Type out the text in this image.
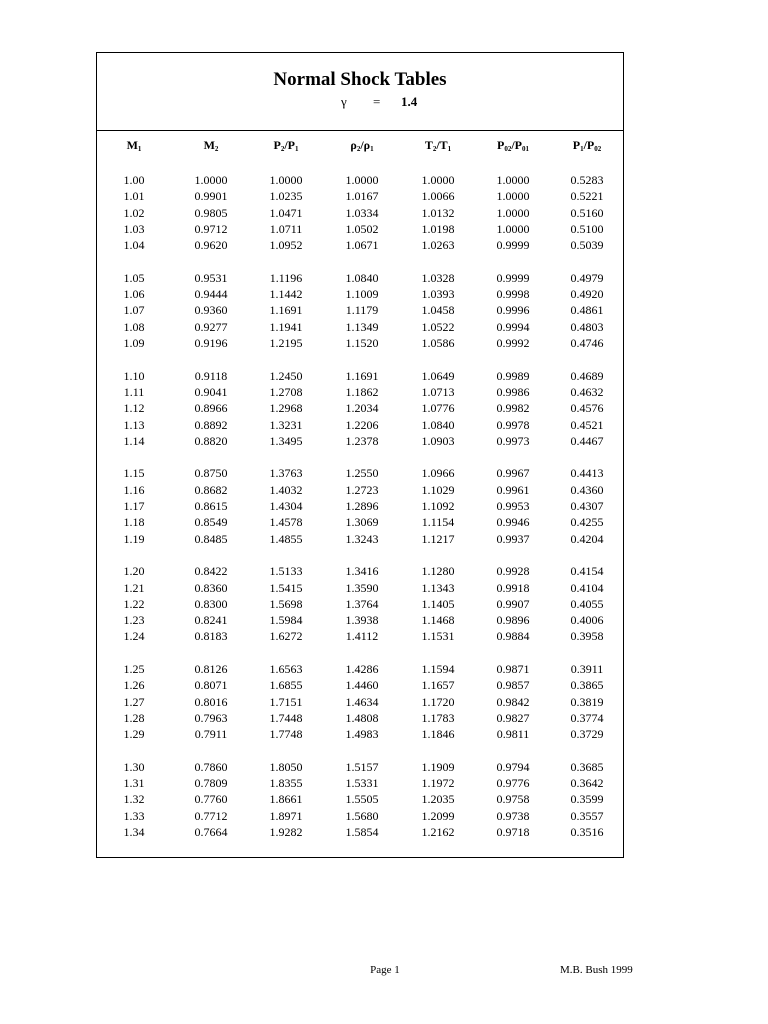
Normal Shock Tables
γ = 1.4
$M_1$	$M_2$	$P_2/P_1$	$\rho_2/\rho_1$	$T_2/T_1$	$P_{02}/P_{01}$	$P_1/P_{02}$
1.00	1.0000	1.0000	1.0000	1.0000	1.0000	0.5283
1.01	0.9901	1.0235	1.0167	1.0066	1.0000	0.5221
1.02	0.9805	1.0471	1.0334	1.0132	1.0000	0.5160
1.03	0.9712	1.0711	1.0502	1.0198	1.0000	0.5100
1.04	0.9620	1.0952	1.0671	1.0263	0.9999	0.5039
1.05	0.9531	1.1196	1.0840	1.0328	0.9999	0.4979
1.06	0.9444	1.1442	1.1009	1.0393	0.9998	0.4920
1.07	0.9360	1.1691	1.1179	1.0458	0.9996	0.4861
1.08	0.9277	1.1941	1.1349	1.0522	0.9994	0.4803
1.09	0.9196	1.2195	1.1520	1.0586	0.9992	0.4746
1.10	0.9118	1.2450	1.1691	1.0649	0.9989	0.4689
1.11	0.9041	1.2708	1.1862	1.0713	0.9986	0.4632
1.12	0.8966	1.2968	1.2034	1.0776	0.9982	0.4576
1.13	0.8892	1.3231	1.2206	1.0840	0.9978	0.4521
1.14	0.8820	1.3495	1.2378	1.0903	0.9973	0.4467
1.15	0.8750	1.3763	1.2550	1.0966	0.9967	0.4413
1.16	0.8682	1.4032	1.2723	1.1029	0.9961	0.4360
1.17	0.8615	1.4304	1.2896	1.1092	0.9953	0.4307
1.18	0.8549	1.4578	1.3069	1.1154	0.9946	0.4255
1.19	0.8485	1.4855	1.3243	1.1217	0.9937	0.4204
1.20	0.8422	1.5133	1.3416	1.1280	0.9928	0.4154
1.21	0.8360	1.5415	1.3590	1.1343	0.9918	0.4104
1.22	0.8300	1.5698	1.3764	1.1405	0.9907	0.4055
1.23	0.8241	1.5984	1.3938	1.1468	0.9896	0.4006
1.24	0.8183	1.6272	1.4112	1.1531	0.9884	0.3958
1.25	0.8126	1.6563	1.4286	1.1594	0.9871	0.3911
1.26	0.8071	1.6855	1.4460	1.1657	0.9857	0.3865
1.27	0.8016	1.7151	1.4634	1.1720	0.9842	0.3819
1.28	0.7963	1.7448	1.4808	1.1783	0.9827	0.3774
1.29	0.7911	1.7748	1.4983	1.1846	0.9811	0.3729
1.30	0.7860	1.8050	1.5157	1.1909	0.9794	0.3685
1.31	0.7809	1.8355	1.5331	1.1972	0.9776	0.3642
1.32	0.7760	1.8661	1.5505	1.2035	0.9758	0.3599
1.33	0.7712	1.8971	1.5680	1.2099	0.9738	0.3557
1.34	0.7664	1.9282	1.5854	1.2162	0.9718	0.3516
Page 1	M.B. Bush 1999
